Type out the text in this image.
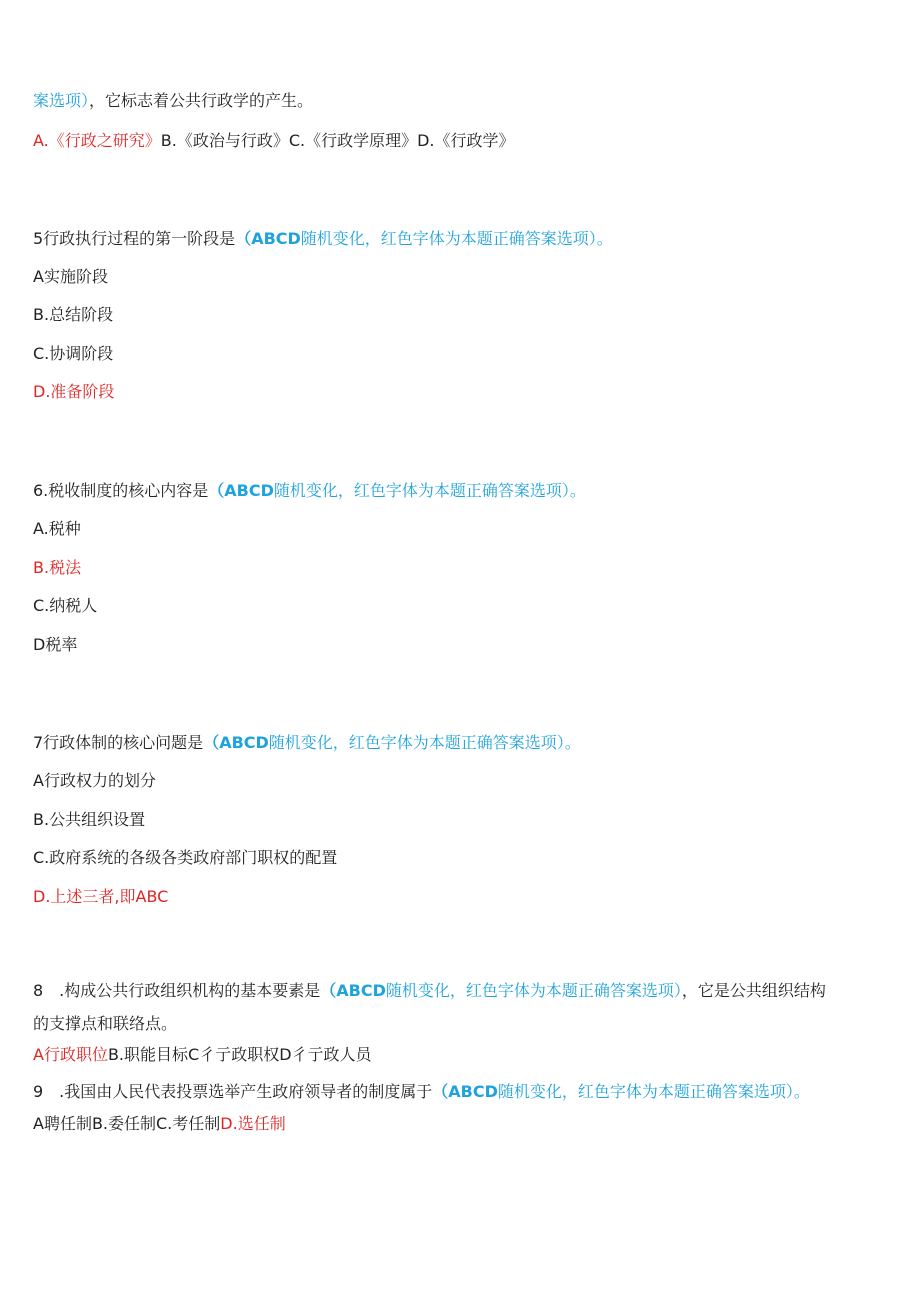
案选项），它标志着公共行政学的产生。
A.《行政之研究》B.《政治与行政》C.《行政学原理》D.《行政学》
5行政执行过程的第一阶段是（ABCD随机变化，红色字体为本题正确答案选项）。
A实施阶段
B.总结阶段
C.协调阶段
D.准备阶段
6.税收制度的核心内容是（ABCD随机变化，红色字体为本题正确答案选项）。
A.税种
B.税法
C.纳税人
D税率
7行政体制的核心问题是（ABCD随机变化，红色字体为本题正确答案选项）。
A行政权力的划分
B.公共组织设置
C.政府系统的各级各类政府部门职权的配置
D.上述三者,即ABC
8　.构成公共行政组织机构的基本要素是（ABCD随机变化，红色字体为本题正确答案选项），它是公共组织结构
的支撑点和联络点。
A行政职位B.职能目标C彳亍政职权D彳亍政人员
9　.我国由人民代表投票选举产生政府领导者的制度属于（ABCD随机变化，红色字体为本题正确答案选项）。
A聘任制B.委任制C.考任制D.选任制
